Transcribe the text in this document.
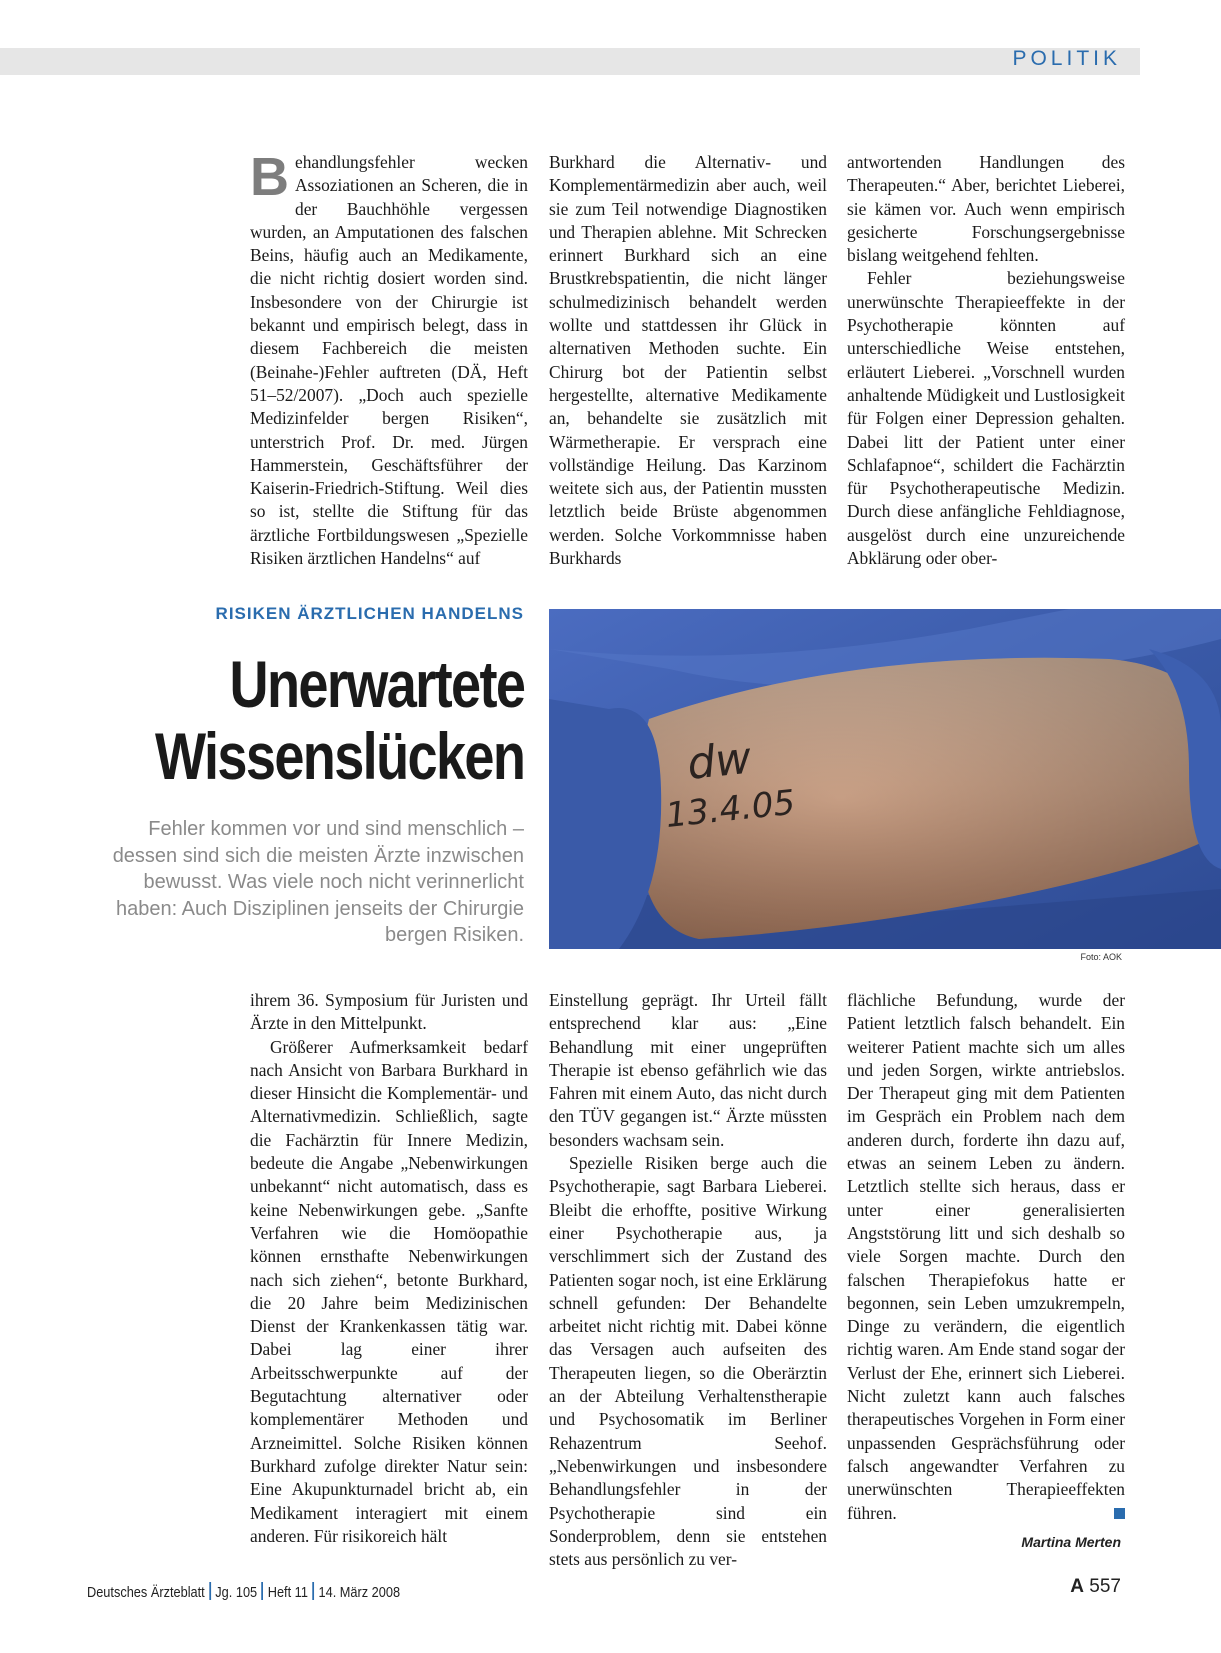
POLITIK

Behandlungsfehler wecken Assoziationen an Scheren, die in der Bauchhöhle vergessen wurden, an Amputationen des falschen Beins, häufig auch an Medikamente, die nicht richtig dosiert worden sind. Insbesondere von der Chirurgie ist bekannt und empirisch belegt, dass in diesem Fachbereich die meisten (Beinahe-)Fehler auftreten (DÄ, Heft 51–52/2007). „Doch auch spezielle Medizinfelder bergen Risiken“, unterstrich Prof. Dr. med. Jürgen Hammerstein, Geschäftsführer der Kaiserin-Friedrich-Stiftung. Weil dies so ist, stellte die Stiftung für das ärztliche Fortbildungswesen „Spezielle Risiken ärztlichen Handelns“ auf

Burkhard die Alternativ- und Komplementärmedizin aber auch, weil sie zum Teil notwendige Diagnostiken und Therapien ablehne. Mit Schrecken erinnert Burkhard sich an eine Brustkrebspatientin, die nicht länger schulmedizinisch behandelt werden wollte und stattdessen ihr Glück in alternativen Methoden suchte. Ein Chirurg bot der Patientin selbst hergestellte, alternative Medikamente an, behandelte sie zusätzlich mit Wärmetherapie. Er versprach eine vollständige Heilung. Das Karzinom weitete sich aus, der Patientin mussten letztlich beide Brüste abgenommen werden. Solche Vorkommnisse haben Burkhards

antwortenden Handlungen des Therapeuten.“ Aber, berichtet Lieberei, sie kämen vor. Auch wenn empirisch gesicherte Forschungsergebnisse bislang weitgehend fehlten.

Fehler beziehungsweise unerwünschte Therapieeffekte in der Psychotherapie könnten auf unterschiedliche Weise entstehen, erläutert Lieberei. „Vorschnell wurden anhaltende Müdigkeit und Lustlosigkeit für Folgen einer Depression gehalten. Dabei litt der Patient unter einer Schlafapnoe“, schildert die Fachärztin für Psychotherapeutische Medizin. Durch diese anfängliche Fehldiagnose, ausgelöst durch eine unzureichende Abklärung oder ober-

RISIKEN ÄRZTLICHEN HANDELNS
Unerwartete
Wissenslücken
Fehler kommen vor und sind menschlich – dessen sind sich die meisten Ärzte inzwischen bewusst. Was viele noch nicht verinnerlicht haben: Auch Disziplinen jenseits der Chirurgie bergen Risiken.
dw
13.4.05
Foto: AOK

ihrem 36. Symposium für Juristen und Ärzte in den Mittelpunkt.

Größerer Aufmerksamkeit bedarf nach Ansicht von Barbara Burkhard in dieser Hinsicht die Komplementär- und Alternativmedizin. Schließlich, sagte die Fachärztin für Innere Medizin, bedeute die Angabe „Nebenwirkungen unbekannt“ nicht automatisch, dass es keine Nebenwirkungen gebe. „Sanfte Verfahren wie die Homöopathie können ernsthafte Nebenwirkungen nach sich ziehen“, betonte Burkhard, die 20 Jahre beim Medizinischen Dienst der Krankenkassen tätig war. Dabei lag einer ihrer Arbeitsschwerpunkte auf der Begutachtung alternativer oder komplementärer Methoden und Arzneimittel. Solche Risiken können Burkhard zufolge direkter Natur sein: Eine Akupunkturnadel bricht ab, ein Medikament interagiert mit einem anderen. Für risikoreich hält

Einstellung geprägt. Ihr Urteil fällt entsprechend klar aus: „Eine Behandlung mit einer ungeprüften Therapie ist ebenso gefährlich wie das Fahren mit einem Auto, das nicht durch den TÜV gegangen ist.“ Ärzte müssten besonders wachsam sein.

Spezielle Risiken berge auch die Psychotherapie, sagt Barbara Lieberei. Bleibt die erhoffte, positive Wirkung einer Psychotherapie aus, ja verschlimmert sich der Zustand des Patienten sogar noch, ist eine Erklärung schnell gefunden: Der Behandelte arbeitet nicht richtig mit. Dabei könne das Versagen auch aufseiten des Therapeuten liegen, so die Oberärztin an der Abteilung Verhaltenstherapie und Psychosomatik im Berliner Rehazentrum Seehof. „Nebenwirkungen und insbesondere Behandlungsfehler in der Psychotherapie sind ein Sonderproblem, denn sie entstehen stets aus persönlich zu ver-

flächliche Befundung, wurde der Patient letztlich falsch behandelt. Ein weiterer Patient machte sich um alles und jeden Sorgen, wirkte antriebslos. Der Therapeut ging mit dem Patienten im Gespräch ein Problem nach dem anderen durch, forderte ihn dazu auf, etwas an seinem Leben zu ändern. Letztlich stellte sich heraus, dass er unter einer generalisierten Angststörung litt und sich deshalb so viele Sorgen machte. Durch den falschen Therapiefokus hatte er begonnen, sein Leben umzukrempeln, Dinge zu verändern, die eigentlich richtig waren. Am Ende stand sogar der Verlust der Ehe, erinnert sich Lieberei. Nicht zuletzt kann auch falsches therapeutisches Vorgehen in Form einer unpassenden Gesprächsführung oder falsch angewandter Verfahren zu unerwünschten Therapieeffekten führen.

Martina Merten
Deutsches Ärzteblatt Jg. 105 Heft 11 14. März 2008	A 557
